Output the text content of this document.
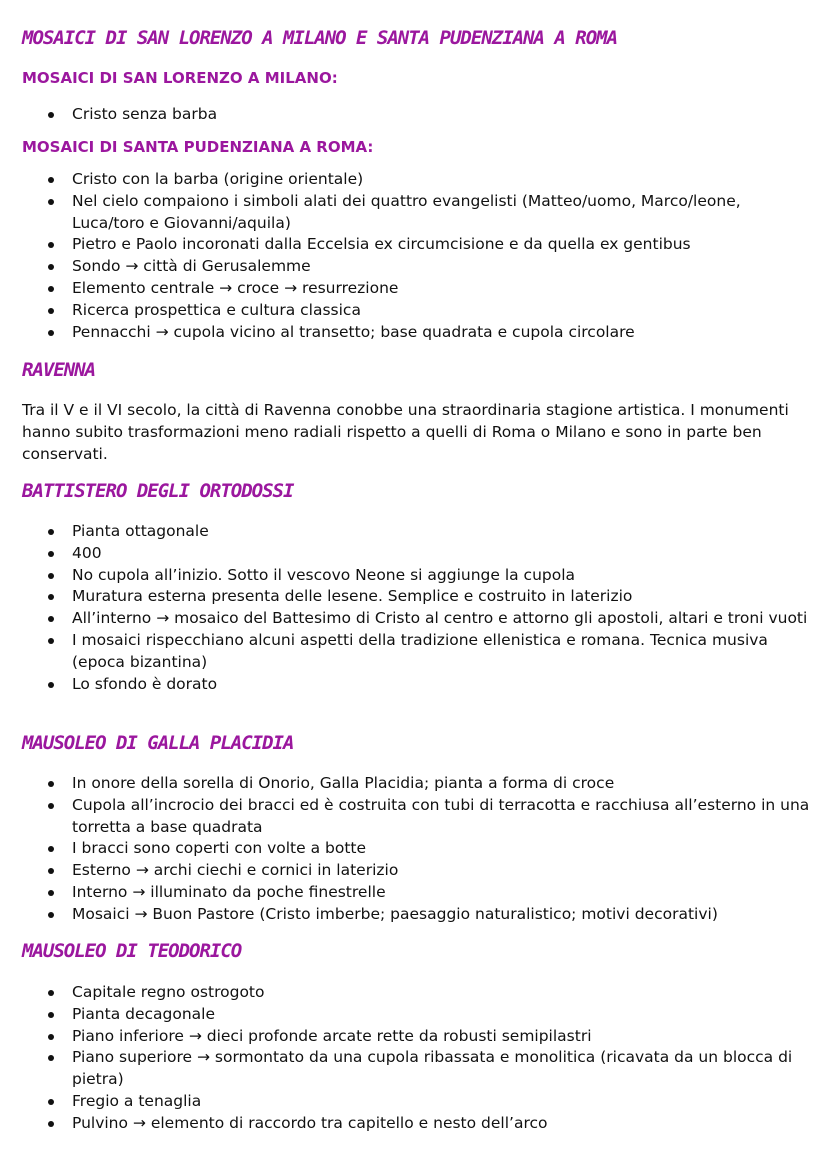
MOSAICI DI SAN LORENZO A MILANO E SANTA PUDENZIANA A ROMA
MOSAICI DI SAN LORENZO A MILANO:
Cristo senza barba
MOSAICI DI SANTA PUDENZIANA A ROMA:
Cristo con la barba (origine orientale)
Nel cielo compaiono i simboli alati dei quattro evangelisti (Matteo/uomo, Marco/leone, Luca/toro e Giovanni/aquila)
Pietro e Paolo incoronati dalla Eccelsia ex circumcisione e da quella ex gentibus
Sondo → città di Gerusalemme
Elemento centrale → croce → resurrezione
Ricerca prospettica e cultura classica
Pennacchi → cupola vicino al transetto; base quadrata e cupola circolare
RAVENNA

Tra il V e il VI secolo, la città di Ravenna conobbe una straordinaria stagione artistica. I monumenti hanno subito trasformazioni meno radiali rispetto a quelli di Roma o Milano e sono in parte ben conservati.

BATTISTERO DEGLI ORTODOSSI
Pianta ottagonale
400
No cupola all’inizio. Sotto il vescovo Neone si aggiunge la cupola
Muratura esterna presenta delle lesene. Semplice e costruito in laterizio
All’interno → mosaico del Battesimo di Cristo al centro e attorno gli apostoli, altari e troni vuoti
I mosaici rispecchiano alcuni aspetti della tradizione ellenistica e romana. Tecnica musiva (epoca bizantina)
Lo sfondo è dorato
MAUSOLEO DI GALLA PLACIDIA
In onore della sorella di Onorio, Galla Placidia; pianta a forma di croce
Cupola all’incrocio dei bracci ed è costruita con tubi di terracotta e racchiusa all’esterno in una torretta a base quadrata
I bracci sono coperti con volte a botte
Esterno → archi ciechi e cornici in laterizio
Interno → illuminato da poche finestrelle
Mosaici → Buon Pastore (Cristo imberbe; paesaggio naturalistico; motivi decorativi)
MAUSOLEO DI TEODORICO
Capitale regno ostrogoto
Pianta decagonale
Piano inferiore → dieci profonde arcate rette da robusti semipilastri
Piano superiore → sormontato da una cupola ribassata e monolitica (ricavata da un blocca di pietra)
Fregio a tenaglia
Pulvino → elemento di raccordo tra capitello e nesto dell’arco
